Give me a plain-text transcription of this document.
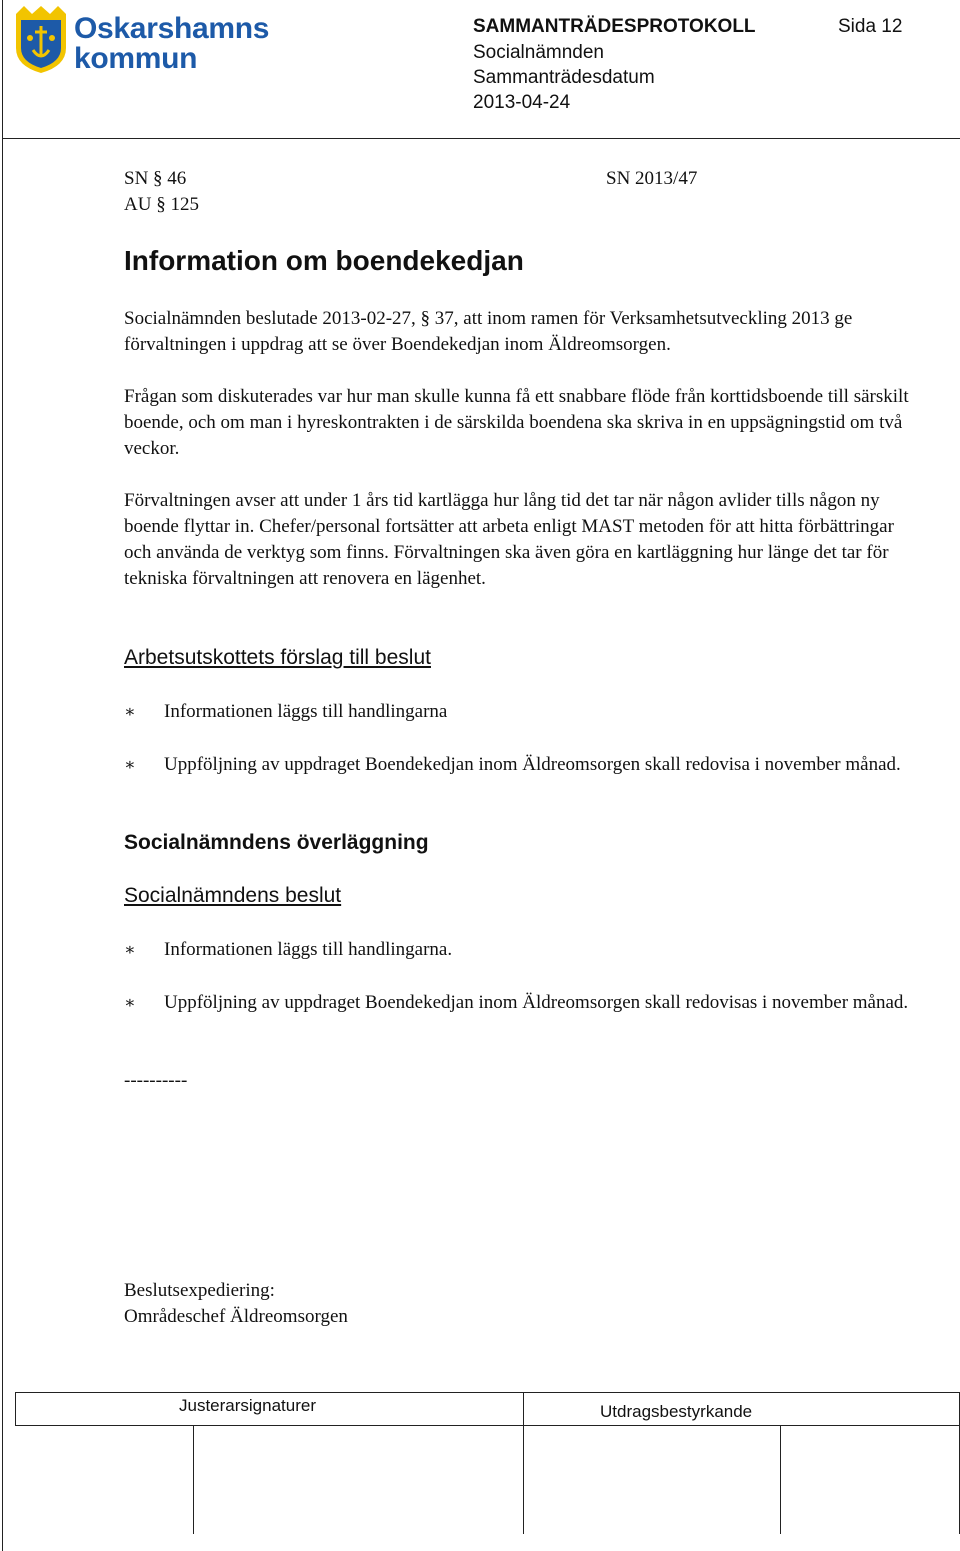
Oskarshamns
kommun
SAMMANTRÄDESPROTOKOLL	Sida 12
Socialnämnden
Sammanträdesdatum
2013-04-24
SN § 46	SN 2013/47
AU § 125
Information om boendekedjan

Socialnämnden beslutade 2013-02-27, § 37, att inom ramen för Verksamhetsutveckling 2013 ge förvaltningen i uppdrag att se över Boendekedjan inom Äldreomsorgen.

Frågan som diskuterades var hur man skulle kunna få ett snabbare flöde från korttidsboende till särskilt boende, och om man i hyreskontrakten i de särskilda boendena ska skriva in en uppsägningstid om två veckor.

Förvaltningen avser att under 1 års tid kartlägga hur lång tid det tar när någon avlider tills någon ny boende flyttar in. Chefer/personal fortsätter att arbeta enligt MAST metoden för att hitta förbättringar och använda de verktyg som finns. Förvaltningen ska även göra en kartläggning hur länge det tar för tekniska förvaltningen att renovera en lägenhet.

Arbetsutskottets förslag till beslut
∗ Informationen läggs till handlingarna
∗ Uppföljning av uppdraget Boendekedjan inom Äldreomsorgen skall redovisa i november månad.
Socialnämndens överläggning
Socialnämndens beslut
∗ Informationen läggs till handlingarna.
∗ Uppföljning av uppdraget Boendekedjan inom Äldreomsorgen skall redovisas i november månad.
----------
Beslutsexpediering:
Områdeschef Äldreomsorgen
Justerarsignaturer	Utdragsbestyrkande
